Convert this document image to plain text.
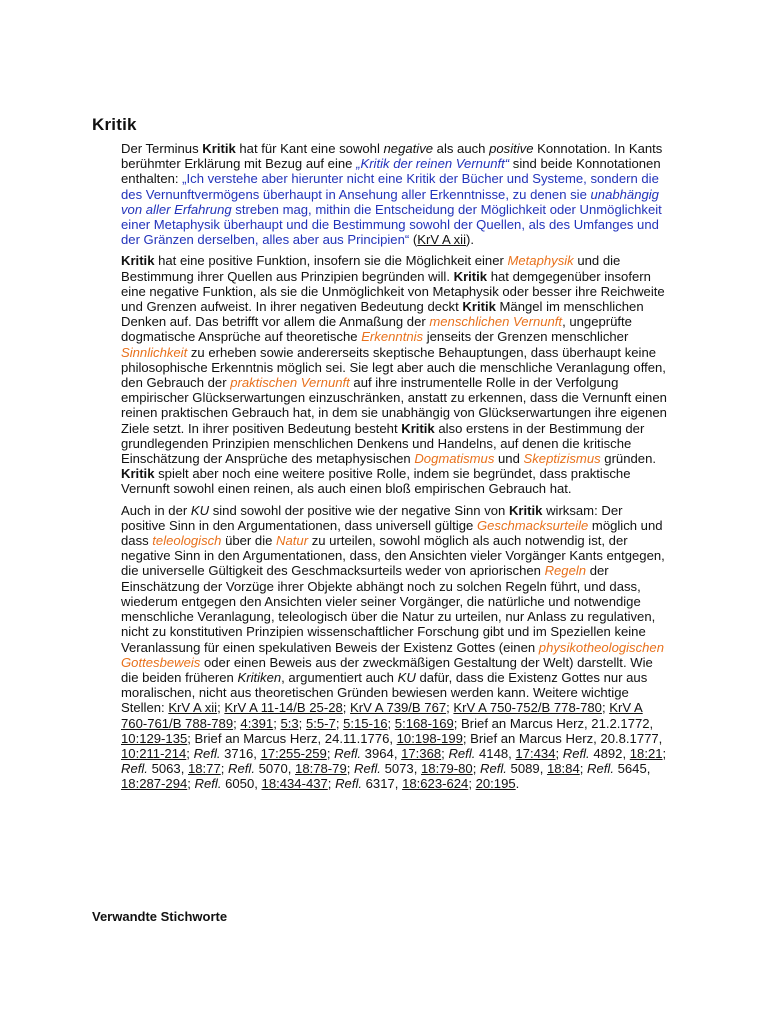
Kritik

Der Terminus Kritik hat für Kant eine sowohl negative als auch positive Konnotation. In Kants berühmter Erklärung mit Bezug auf eine „Kritik der reinen Vernunft“ sind beide Konnotationen enthalten: „Ich verstehe aber hierunter nicht eine Kritik der Bücher und Systeme, sondern die des Vernunftvermögens überhaupt in Ansehung aller Erkenntnisse, zu denen sie unabhängig von aller Erfahrung streben mag, mithin die Entscheidung der Möglichkeit oder Unmöglichkeit einer Metaphysik überhaupt und die Bestimmung sowohl der Quellen, als des Umfanges und der Gränzen derselben, alles aber aus Principien“ (KrV A xii).

Kritik hat eine positive Funktion, insofern sie die Möglichkeit einer Metaphysik und die Bestimmung ihrer Quellen aus Prinzipien begründen will. Kritik hat demgegenüber insofern eine negative Funktion, als sie die Unmöglichkeit von Metaphysik oder besser ihre Reichweite und Grenzen aufweist. In ihrer negativen Bedeutung deckt Kritik Mängel im menschlichen Denken auf. Das betrifft vor allem die Anmaßung der menschlichen Vernunft, ungeprüfte dogmatische Ansprüche auf theoretische Erkenntnis jenseits der Grenzen menschlicher Sinnlichkeit zu erheben sowie andererseits skeptische Behauptungen, dass überhaupt keine philosophische Erkenntnis möglich sei. Sie legt aber auch die menschliche Veranlagung offen, den Gebrauch der praktischen Vernunft auf ihre instrumentelle Rolle in der Verfolgung empirischer Glückserwartungen einzuschränken, anstatt zu erkennen, dass die Vernunft einen reinen praktischen Gebrauch hat, in dem sie unabhängig von Glückserwartungen ihre eigenen Ziele setzt. In ihrer positiven Bedeutung besteht Kritik also erstens in der Bestimmung der grundlegenden Prinzipien menschlichen Denkens und Handelns, auf denen die kritische Einschätzung der Ansprüche des metaphysischen Dogmatismus und Skeptizismus gründen. Kritik spielt aber noch eine weitere positive Rolle, indem sie begründet, dass praktische Vernunft sowohl einen reinen, als auch einen bloß empirischen Gebrauch hat.

Auch in der KU sind sowohl der positive wie der negative Sinn von Kritik wirksam: Der positive Sinn in den Argumentationen, dass universell gültige Geschmacksurteile möglich und dass teleologisch über die Natur zu urteilen, sowohl möglich als auch notwendig ist, der negative Sinn in den Argumentationen, dass, den Ansichten vieler Vorgänger Kants entgegen, die universelle Gültigkeit des Geschmacksurteils weder von apriorischen Regeln der Einschätzung der Vorzüge ihrer Objekte abhängt noch zu solchen Regeln führt, und dass, wiederum entgegen den Ansichten vieler seiner Vorgänger, die natürliche und notwendige menschliche Veranlagung, teleologisch über die Natur zu urteilen, nur Anlass zu regulativen, nicht zu konstitutiven Prinzipien wissenschaftlicher Forschung gibt und im Speziellen keine Veranlassung für einen spekulativen Beweis der Existenz Gottes (einen physikotheologischen Gottesbeweis oder einen Beweis aus der zweckmäßigen Gestaltung der Welt) darstellt. Wie die beiden früheren Kritiken, argumentiert auch KU dafür, dass die Existenz Gottes nur aus moralischen, nicht aus theoretischen Gründen bewiesen werden kann. Weitere wichtige Stellen: KrV A xii; KrV A 11-14/B 25-28; KrV A 739/B 767; KrV A 750-752/B 778-780; KrV A 760-761/B 788-789; 4:391; 5:3; 5:5-7; 5:15-16; 5:168-169; Brief an Marcus Herz, 21.2.1772, 10:129-135; Brief an Marcus Herz, 24.11.1776, 10:198-199; Brief an Marcus Herz, 20.8.1777, 10:211-214; Refl. 3716, 17:255-259; Refl. 3964, 17:368; Refl. 4148, 17:434; Refl. 4892, 18:21; Refl. 5063, 18:77; Refl. 5070, 18:78-79; Refl. 5073, 18:79-80; Refl. 5089, 18:84; Refl. 5645, 18:287-294; Refl. 6050, 18:434-437; Refl. 6317, 18:623-624; 20:195.

Verwandte Stichworte
